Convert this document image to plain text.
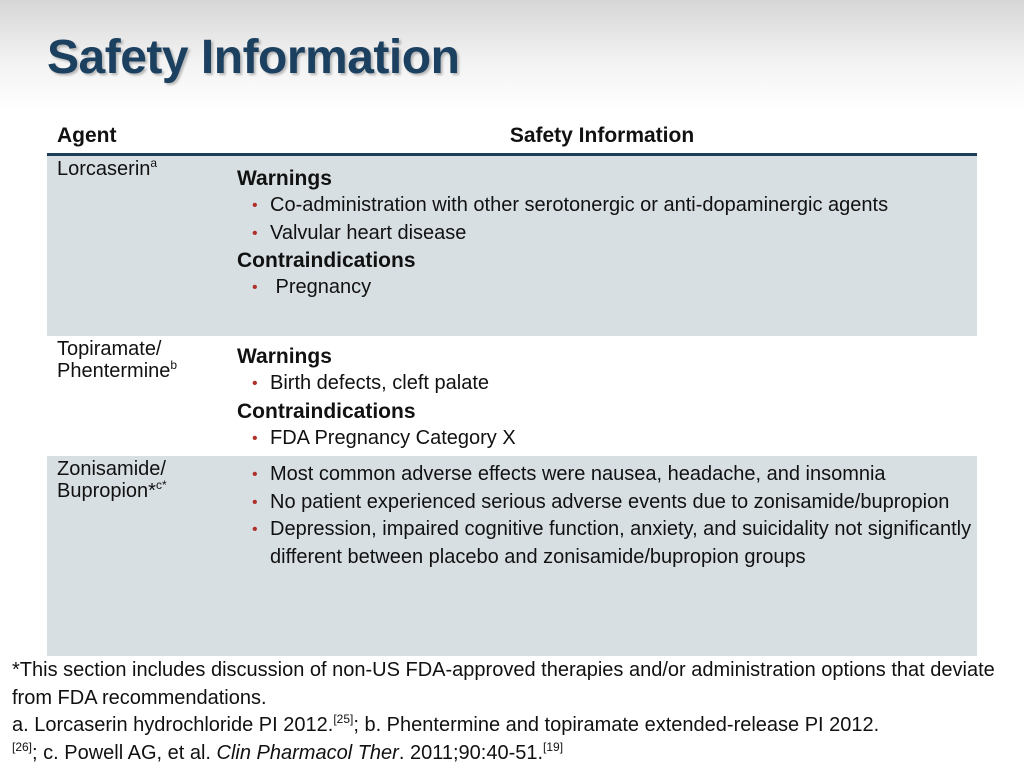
Safety Information
Agent	Safety Information
Lorcaserin$^a$
Warnings
• Co-administration with other serotonergic or anti-dopaminergic agents
• Valvular heart disease
Contraindications
• Pregnancy
Topiramate/ Phentermine$^b$	Warnings
• Birth defects, cleft palate
Contraindications
• FDA Pregnancy Category X
Zonisamide/ Bupropion*$^{c*}$
• Most common adverse effects were nausea, headache, and insomnia
• No patient experienced serious adverse events due to zonisamide/bupropion
• Depression, impaired cognitive function, anxiety, and suicidality not significantly different between placebo and zonisamide/bupropion groups
*This section includes discussion of non-US FDA-approved therapies and/or administration options that deviate from FDA recommendations.
a. Lorcaserin hydrochloride PI 2012.[25]; b. Phentermine and topiramate extended-release PI 2012.[26]; c. Powell AG, et al. Clin Pharmacol Ther. 2011;90:40-51.[19]
